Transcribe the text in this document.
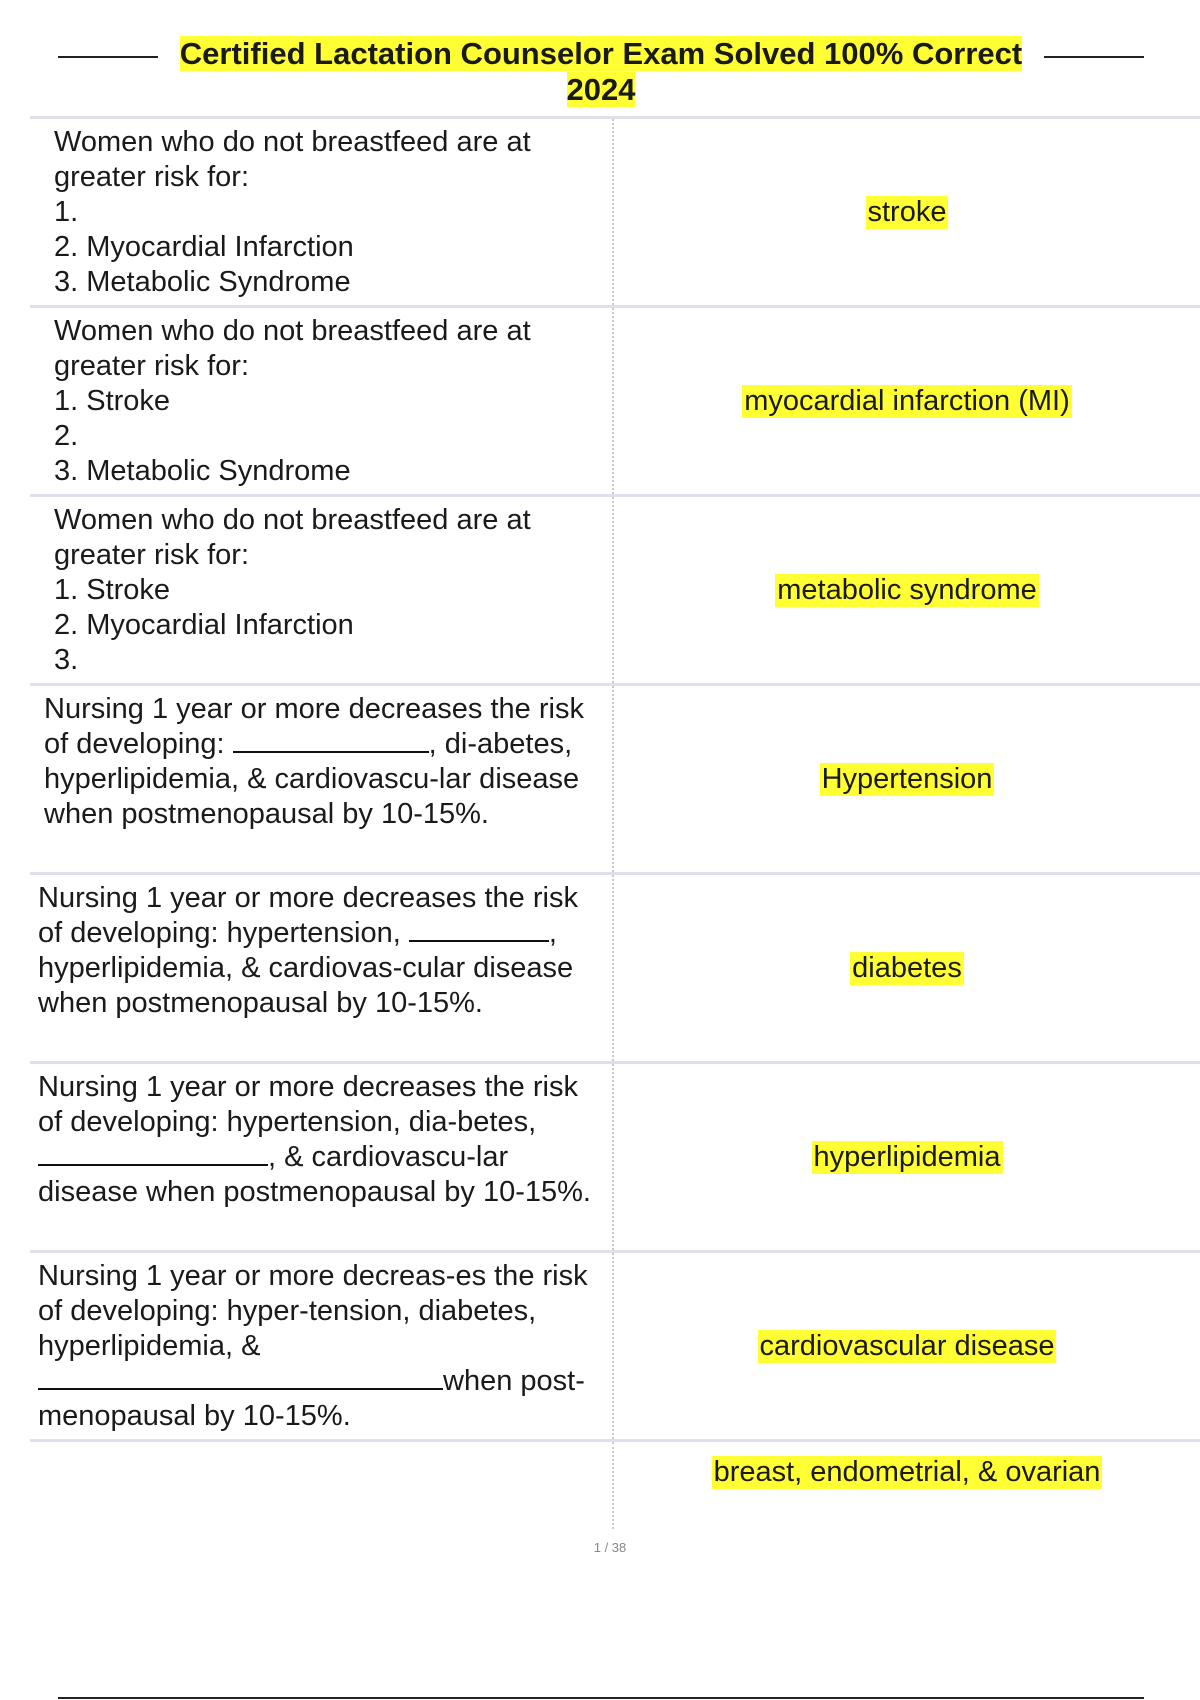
Certified Lactation Counselor Exam Solved 100% Correct 2024
Women who do not breastfeed are at greater risk for:
1.
2. Myocardial Infarction
3. Metabolic Syndrome
stroke
Women who do not breastfeed are at greater risk for:
1. Stroke
2.
3. Metabolic Syndrome
myocardial infarction (MI)
Women who do not breastfeed are at greater risk for:
1. Stroke
2. Myocardial Infarction
3.
metabolic syndrome
Nursing 1 year or more decreases the risk of developing:	, di-abetes, hyperlipidemia, & cardiovascu-lar disease when postmenopausal by 10-15%.
Hypertension
Nursing 1 year or more decreases the risk of developing: hypertension,	, hyperlipidemia, & cardiovas-cular disease when postmenopausal by 10-15%.
diabetes
Nursing 1 year or more decreases the risk of developing: hypertension, dia-betes, , & cardiovascu-lar disease when postmenopausal by 10-15%.
hyperlipidemia
Nursing 1 year or more decreas-es the risk of developing: hyper-tension, diabetes, hyperlipidemia, & when post-menopausal by 10-15%.
cardiovascular disease
breast, endometrial, & ovarian
1 / 38
